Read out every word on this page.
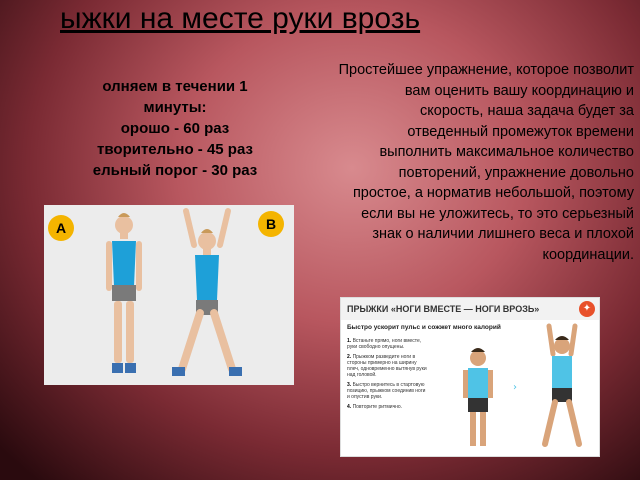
ыжки на месте руки врозь
олняем в течении 1
минуты:
орошо - 60 раз
творительно - 45 раз
ельный порог - 30 раз
Простейшее упражнение, которое позволит вам оценить вашу координацию и скорость, наша задача будет за отведенный промежуток времени выполнить максимальное количество повторений, упражнение довольно простое, а норматив небольшой, поэтому если вы не уложитесь, то это серьезный знак о наличии лишнего веса и плохой координации.
A	B
ПРЫЖКИ «НОГИ ВМЕСТЕ — НОГИ ВРОЗЬ»	✦
Быстро ускорит пульс и сожжет много калорий
1. Встаньте прямо, ноги вместе, руки свободно опущены.
2. Прыжком разведите ноги в стороны примерно на ширину плеч, одновременно вытянув руки над головой.
3. Быстро вернитесь в стартовую позицию, прыжком соединив ноги и опустив руки.
4. Повторите ритмично.
›
